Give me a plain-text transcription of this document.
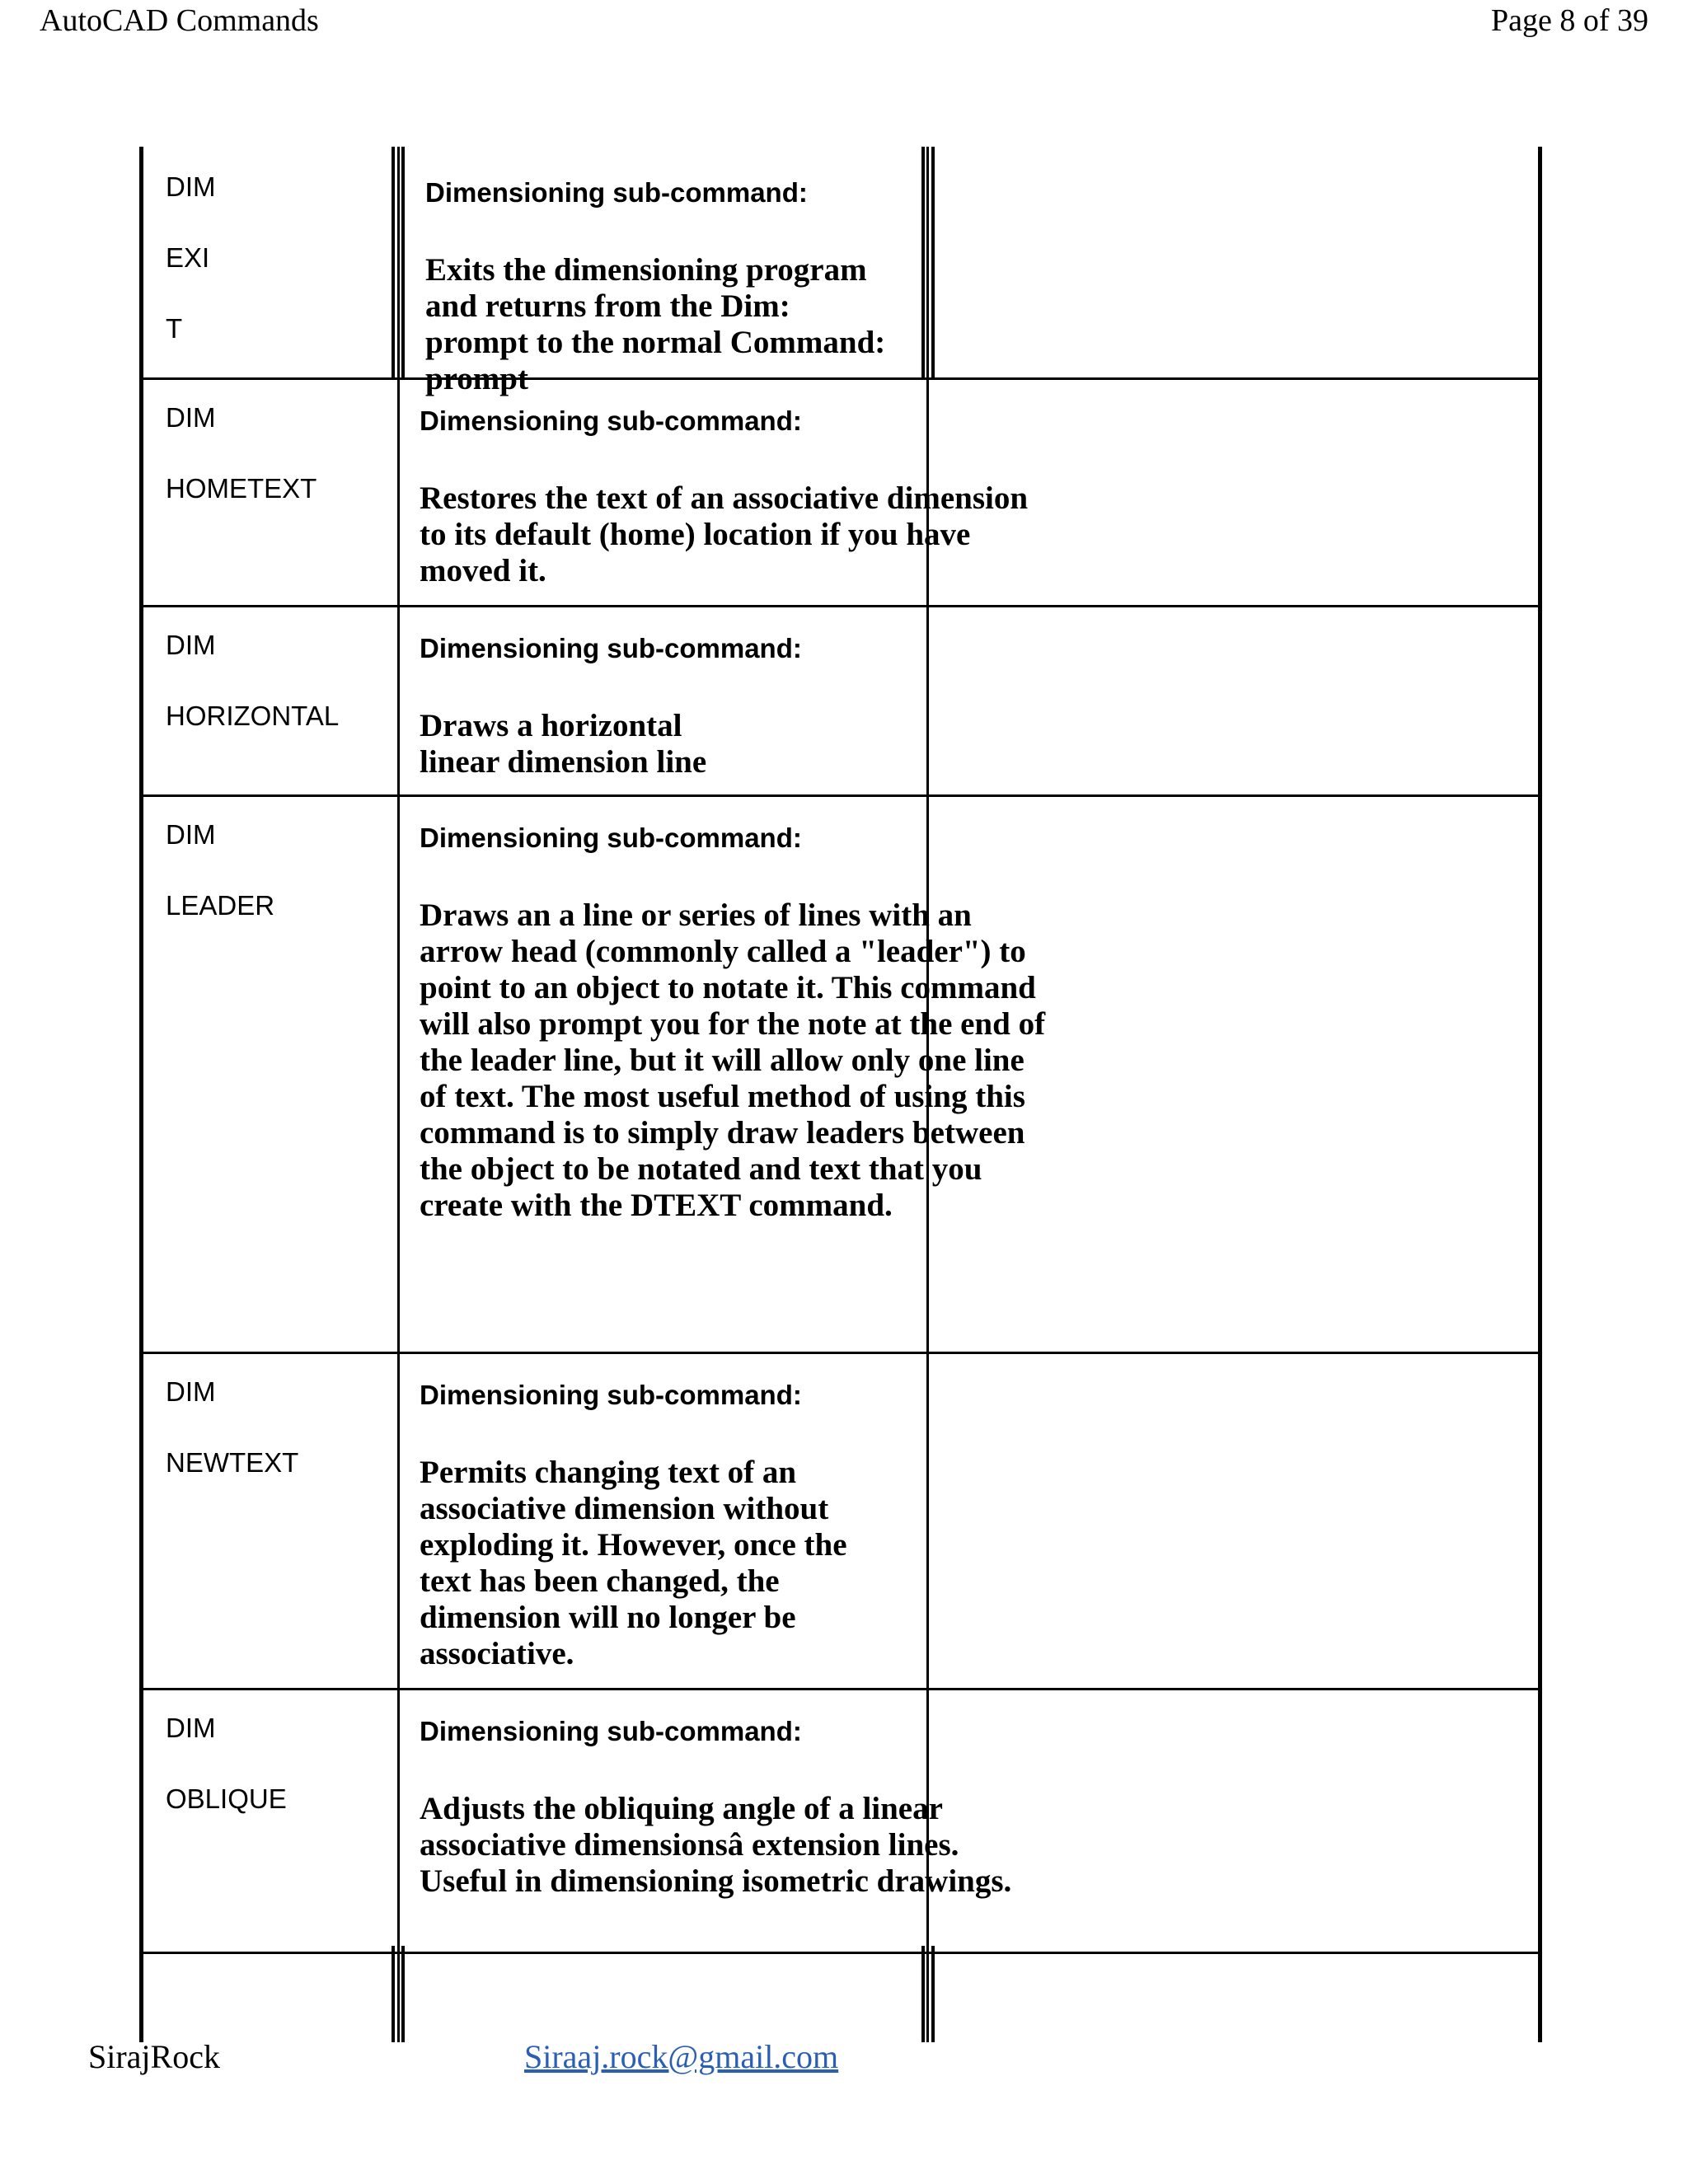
AutoCAD Commands	Page 8 of 39
DIM
EXI
T
Dimensioning sub-command:
Exits the dimensioning program and returns from the Dim: prompt to the normal Command: prompt
DIM
HOMETEXT
Dimensioning sub-command:
Restores the text of an associative dimension to its default (home) location if you have moved it.
DIM
HORIZONTAL
Dimensioning sub-command:
Draws a horizontal linear dimension line
DIM
LEADER
Dimensioning sub-command:
Draws an a line or series of lines with an arrow head (commonly called a "leader") to point to an object to notate it. This command will also prompt you for the note at the end of the leader line, but it will allow only one line of text. The most useful method of using this command is to simply draw leaders between the object to be notated and text that you create with the DTEXT command.
DIM
NEWTEXT
Dimensioning sub-command:
Permits changing text of an associative dimension without exploding it. However, once the text has been changed, the dimension will no longer be associative.
DIM
OBLIQUE
Dimensioning sub-command:
Adjusts the obliquing angle of a linear associative dimensionsâ extension lines. Useful in dimensioning isometric drawings.
SirajRock	Siraaj.rock@gmail.com
